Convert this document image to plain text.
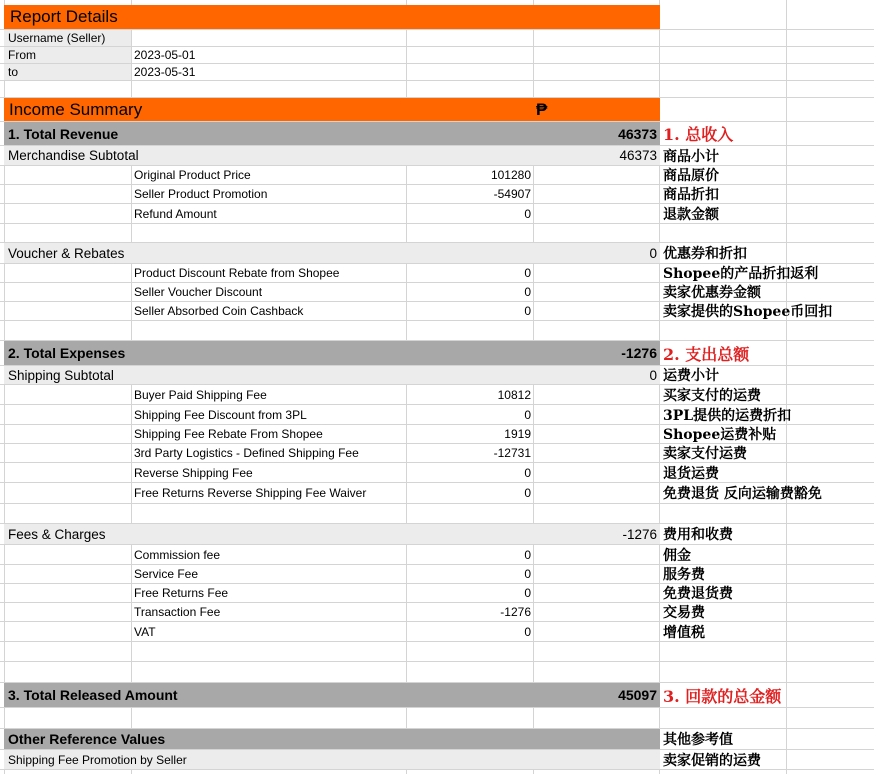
Report Details
Username (Seller)
From	2023-05-01
to	2023-05-31
Income Summary	₱
1. Total Revenue	46373 1. 总收入
Merchandise Subtotal	46373 商品小计
Original Product Price	101280	商品原价
Seller Product Promotion	-54907	商品折扣
Refund Amount	0	退款金额
Voucher & Rebates	0 优惠券和折扣
Product Discount Rebate from Shopee	0	Shopee的产品折扣返利
Seller Voucher Discount	0	卖家优惠券金额
Seller Absorbed Coin Cashback	0	卖家提供的Shopee币回扣
2. Total Expenses	-1276 2. 支出总额
Shipping Subtotal	0 运费小计
Buyer Paid Shipping Fee	10812	买家支付的运费
Shipping Fee Discount from 3PL	0	3PL提供的运费折扣
Shipping Fee Rebate From Shopee	1919	Shopee运费补贴
3rd Party Logistics - Defined Shipping Fee	-12731	卖家支付运费
Reverse Shipping Fee	0	退货运费
Free Returns Reverse Shipping Fee Waiver	0	免费退货 反向运输费豁免
Fees & Charges	-1276 费用和收费
Commission fee	0	佣金
Service Fee	0	服务费
Free Returns Fee	0	免费退货费
Transaction Fee	-1276	交易费
VAT	0	增值税
3. Total Released Amount	45097 3. 回款的总金额
Other Reference Values	其他参考值
Shipping Fee Promotion by Seller	卖家促销的运费
